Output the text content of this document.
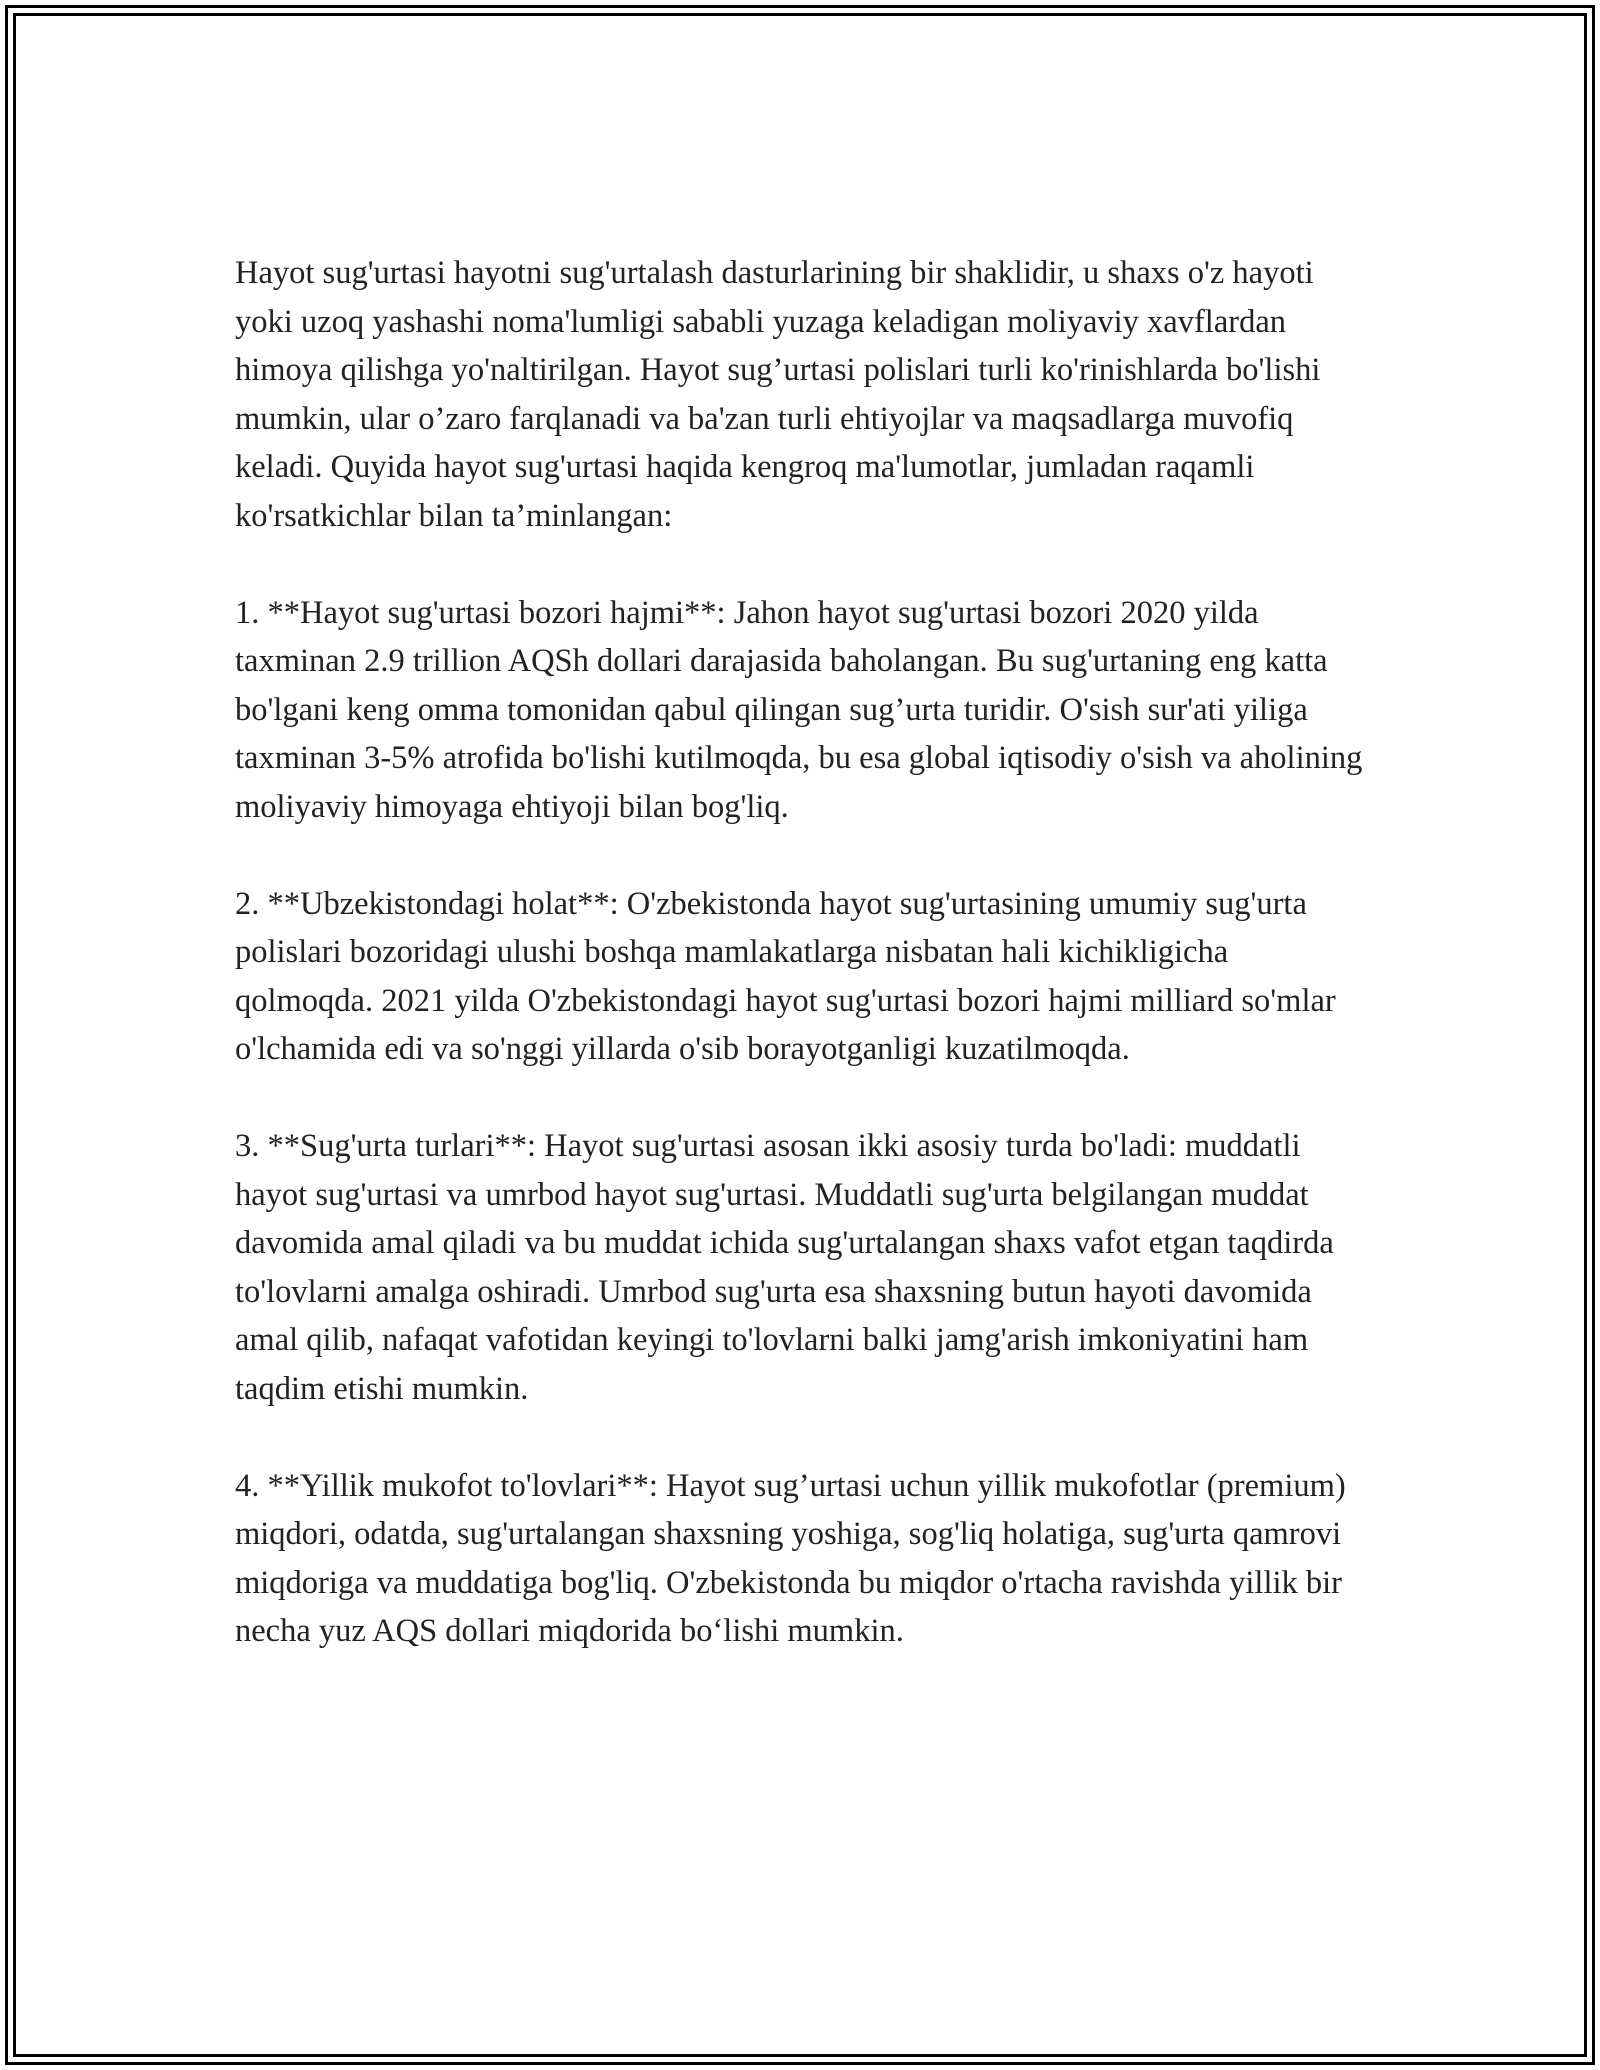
Hayot sug'urtasi hayotni sug'urtalash dasturlarining bir shaklidir, u shaxs o'z hayoti yoki uzoq yashashi noma'lumligi sababli yuzaga keladigan moliyaviy xavflardan himoya qilishga yo'naltirilgan. Hayot sug’urtasi polislari turli ko'rinishlarda bo'lishi mumkin, ular o’zaro farqlanadi va ba'zan turli ehtiyojlar va maqsadlarga muvofiq keladi. Quyida hayot sug'urtasi haqida kengroq ma'lumotlar, jumladan raqamli ko'rsatkichlar bilan ta’minlangan:

1. **Hayot sug'urtasi bozori hajmi**: Jahon hayot sug'urtasi bozori 2020 yilda taxminan 2.9 trillion AQSh dollari darajasida baholangan. Bu sug'urtaning eng katta bo'lgani keng omma tomonidan qabul qilingan sug’urta turidir. O'sish sur'ati yiliga taxminan 3-5% atrofida bo'lishi kutilmoqda, bu esa global iqtisodiy o'sish va aholining moliyaviy himoyaga ehtiyoji bilan bog'liq.

2. **Ubzekistondagi holat**: O'zbekistonda hayot sug'urtasining umumiy sug'urta polislari bozoridagi ulushi boshqa mamlakatlarga nisbatan hali kichikligicha qolmoqda. 2021 yilda O'zbekistondagi hayot sug'urtasi bozori hajmi milliard so'mlar o'lchamida edi va so'nggi yillarda o'sib borayotganligi kuzatilmoqda.

3. **Sug'urta turlari**: Hayot sug'urtasi asosan ikki asosiy turda bo'ladi: muddatli hayot sug'urtasi va umrbod hayot sug'urtasi. Muddatli sug'urta belgilangan muddat davomida amal qiladi va bu muddat ichida sug'urtalangan shaxs vafot etgan taqdirda to'lovlarni amalga oshiradi. Umrbod sug'urta esa shaxsning butun hayoti davomida amal qilib, nafaqat vafotidan keyingi to'lovlarni balki jamg'arish imkoniyatini ham taqdim etishi mumkin.

4. **Yillik mukofot to'lovlari**: Hayot sug’urtasi uchun yillik mukofotlar (premium) miqdori, odatda, sug'urtalangan shaxsning yoshiga, sog'liq holatiga, sug'urta qamrovi miqdoriga va muddatiga bog'liq. O'zbekistonda bu miqdor o'rtacha ravishda yillik bir necha yuz AQS dollari miqdorida bo‘lishi mumkin.
